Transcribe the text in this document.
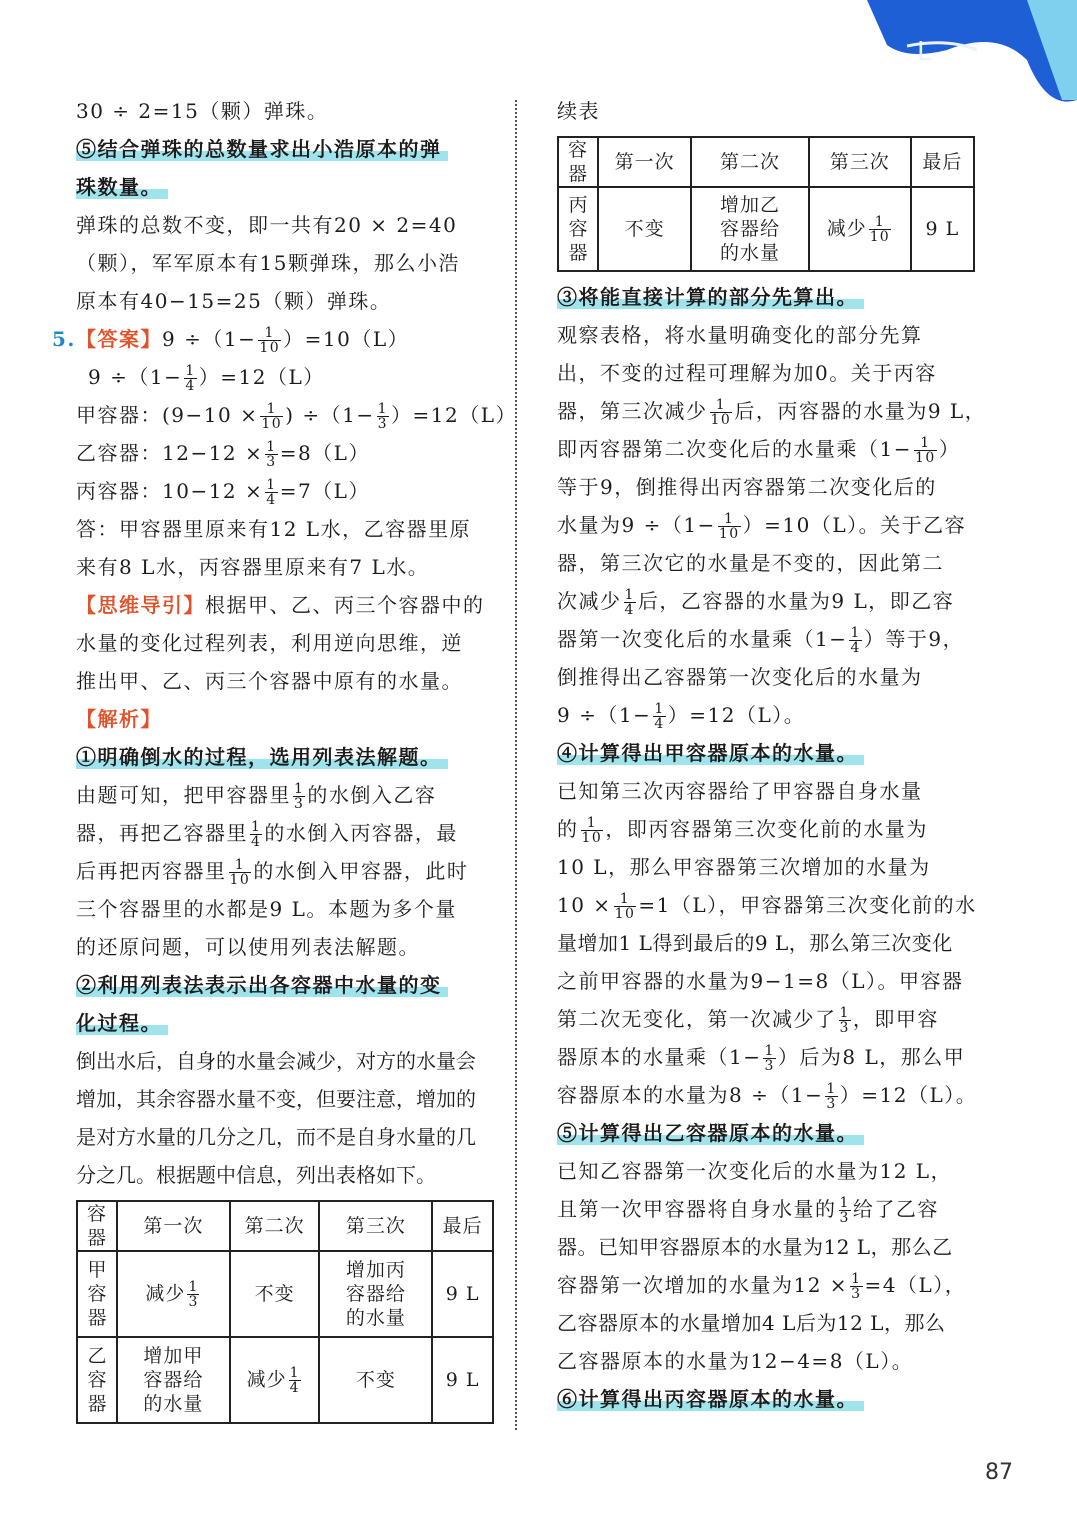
L
30 ÷ 2=15（颗）弹珠。
⑤结合弹珠的总数量求出小浩原本的弹
珠数量。
弹珠的总数不变，即一共有20 × 2=40
（颗），军军原本有15颗弹珠，那么小浩
原本有40−15=25（颗）弹珠。
5. 【答案】$9 \div(1- \frac{1}{10} )=10(L)$
$9 \div(1- \frac{1}{4} )=12(L)$
甲容器：($9-10 \times \frac{1}{10}$ ) $\div(1- \frac{1}{3} )=12(L)$
乙容器：$12-12 \times \frac{1}{3} =8(L)$
丙容器：$10-12 \times \frac{1}{4} =7(L)$
答：甲容器里原来有12 L水，乙容器里原
来有8 L水，丙容器里原来有7 L水。
【思维导引】根据甲、乙、丙三个容器中的
水量的变化过程列表，利用逆向思维，逆
推出甲、乙、丙三个容器中原有的水量。
【解析】
①明确倒水的过程，选用列表法解题。
由题可知，把甲容器里 $\frac{1}{3}$ 的水倒入乙容
器，再把乙容器里 $\frac{1}{4}$ 的水倒入丙容器，最
后再把丙容器里 $\frac{1}{10}$ 的水倒入甲容器，此时
三个容器里的水都是9 L。本题为多个量
的还原问题，可以使用列表法解题。
②利用列表法表示出各容器中水量的变
化过程。
倒出水后，自身的水量会减少，对方的水量会
增加，其余容器水量不变，但要注意，增加的
是对方水量的几分之几，而不是自身水量的几
分之几。根据题中信息，列出表格如下。
容器	第一次	第二次	第三次	最后

甲容器	减少 $\frac{1}{3}$	不变	增加丙容器给的水量	9 L

乙容器	增加甲容器给的水量	减少 $\frac{1}{4}$	不变	9 L
续表
容器	第一次	第二次	第三次	最后

丙容器	不变	增加乙容器给的水量	减少 $\frac{1}{10}$	9 L
③将能直接计算的部分先算出。
观察表格，将水量明确变化的部分先算
出，不变的过程可理解为加0。关于丙容
器，第三次减少 $\frac{1}{10}$ 后，丙容器的水量为9 L，
即丙容器第二次变化后的水量乘（$1- \frac{1}{10}$ ）
等于9，倒推得出丙容器第二次变化后的
水量为$9 \div(1- \frac{1}{10} )=10(L)$。关于乙容
器，第三次它的水量是不变的，因此第二
次减少 $\frac{1}{4}$ 后，乙容器的水量为9 L，即乙容
器第一次变化后的水量乘（$1- \frac{1}{4}$ ）等于9，
倒推得出乙容器第一次变化后的水量为
$9 \div(1- \frac{1}{4} )=12(L)$。
④计算得出甲容器原本的水量。
已知第三次丙容器给了甲容器自身水量
的 $\frac{1}{10}$ ，即丙容器第三次变化前的水量为
10 L，那么甲容器第三次增加的水量为
$10 \times \frac{1}{10} =1(L)$，甲容器第三次变化前的水
量增加1 L得到最后的9 L，那么第三次变化
之前甲容器的水量为9−1=8（L）。甲容器
第二次无变化，第一次减少了 $\frac{1}{3}$ ，即甲容
器原本的水量乘（$1- \frac{1}{3}$ ）后为8 L，那么甲
容器原本的水量为$8 \div(1- \frac{1}{3} )=12(L)$。
⑤计算得出乙容器原本的水量。
已知乙容器第一次变化后的水量为12 L，
且第一次甲容器将自身水量的 $\frac{1}{3}$ 给了乙容
器。已知甲容器原本的水量为12 L，那么乙
容器第一次增加的水量为$12 \times \frac{1}{3} =4(L)$，
乙容器原本的水量增加4 L后为12 L，那么
乙容器原本的水量为12−4=8（L）。
⑥计算得出丙容器原本的水量。
87
